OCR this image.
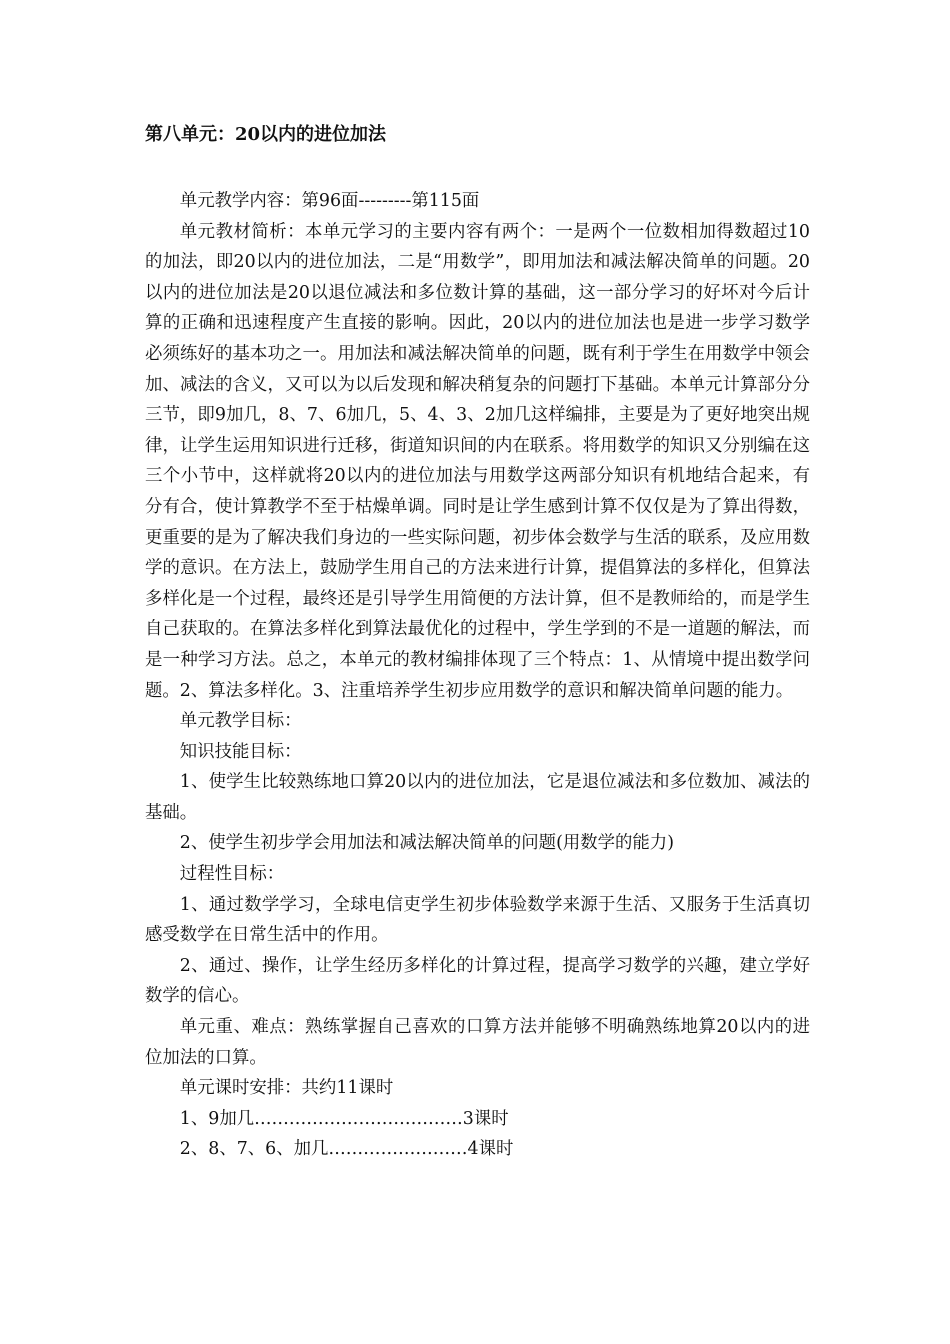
第八单元：20以内的进位加法

单元教学内容：第96面---------第115面

单元教材简析：本单元学习的主要内容有两个：一是两个一位数相加得数超过10的加法，即20以内的进位加法，二是“用数学”，即用加法和减法解决简单的问题。20以内的进位加法是20以退位减法和多位数计算的基础，这一部分学习的好坏对今后计算的正确和迅速程度产生直接的影响。因此，20以内的进位加法也是进一步学习数学必须练好的基本功之一。用加法和减法解决简单的问题，既有利于学生在用数学中领会加、减法的含义，又可以为以后发现和解决稍复杂的问题打下基础。本单元计算部分分三节，即9加几，8、7、6加几，5、4、3、2加几这样编排，主要是为了更好地突出规律，让学生运用知识进行迁移，街道知识间的内在联系。将用数学的知识又分别编在这三个小节中，这样就将20以内的进位加法与用数学这两部分知识有机地结合起来，有分有合，使计算教学不至于枯燥单调。同时是让学生感到计算不仅仅是为了算出得数，更重要的是为了解决我们身边的一些实际问题，初步体会数学与生活的联系，及应用数学的意识。在方法上，鼓励学生用自己的方法来进行计算，提倡算法的多样化，但算法多样化是一个过程，最终还是引导学生用简便的方法计算，但不是教师给的，而是学生自己获取的。在算法多样化到算法最优化的过程中，学生学到的不是一道题的解法，而是一种学习方法。总之，本单元的教材编排体现了三个特点：1、从情境中提出数学问题。2、算法多样化。3、注重培养学生初步应用数学的意识和解决简单问题的能力。

单元教学目标：

知识技能目标：

1、使学生比较熟练地口算20以内的进位加法，它是退位减法和多位数加、减法的基础。

2、使学生初步学会用加法和减法解决简单的问题(用数学的能力)

过程性目标：

1、通过数学学习，全球电信吏学生初步体验数学来源于生活、又服务于生活真切感受数学在日常生活中的作用。

2、通过、操作，让学生经历多样化的计算过程，提高学习数学的兴趣，建立学好数学的信心。

单元重、难点：熟练掌握自己喜欢的口算方法并能够不明确熟练地算20以内的进位加法的口算。

单元课时安排：共约11课时

1、9加几………………………………3课时

2、8、7、6、加几……………………4课时
